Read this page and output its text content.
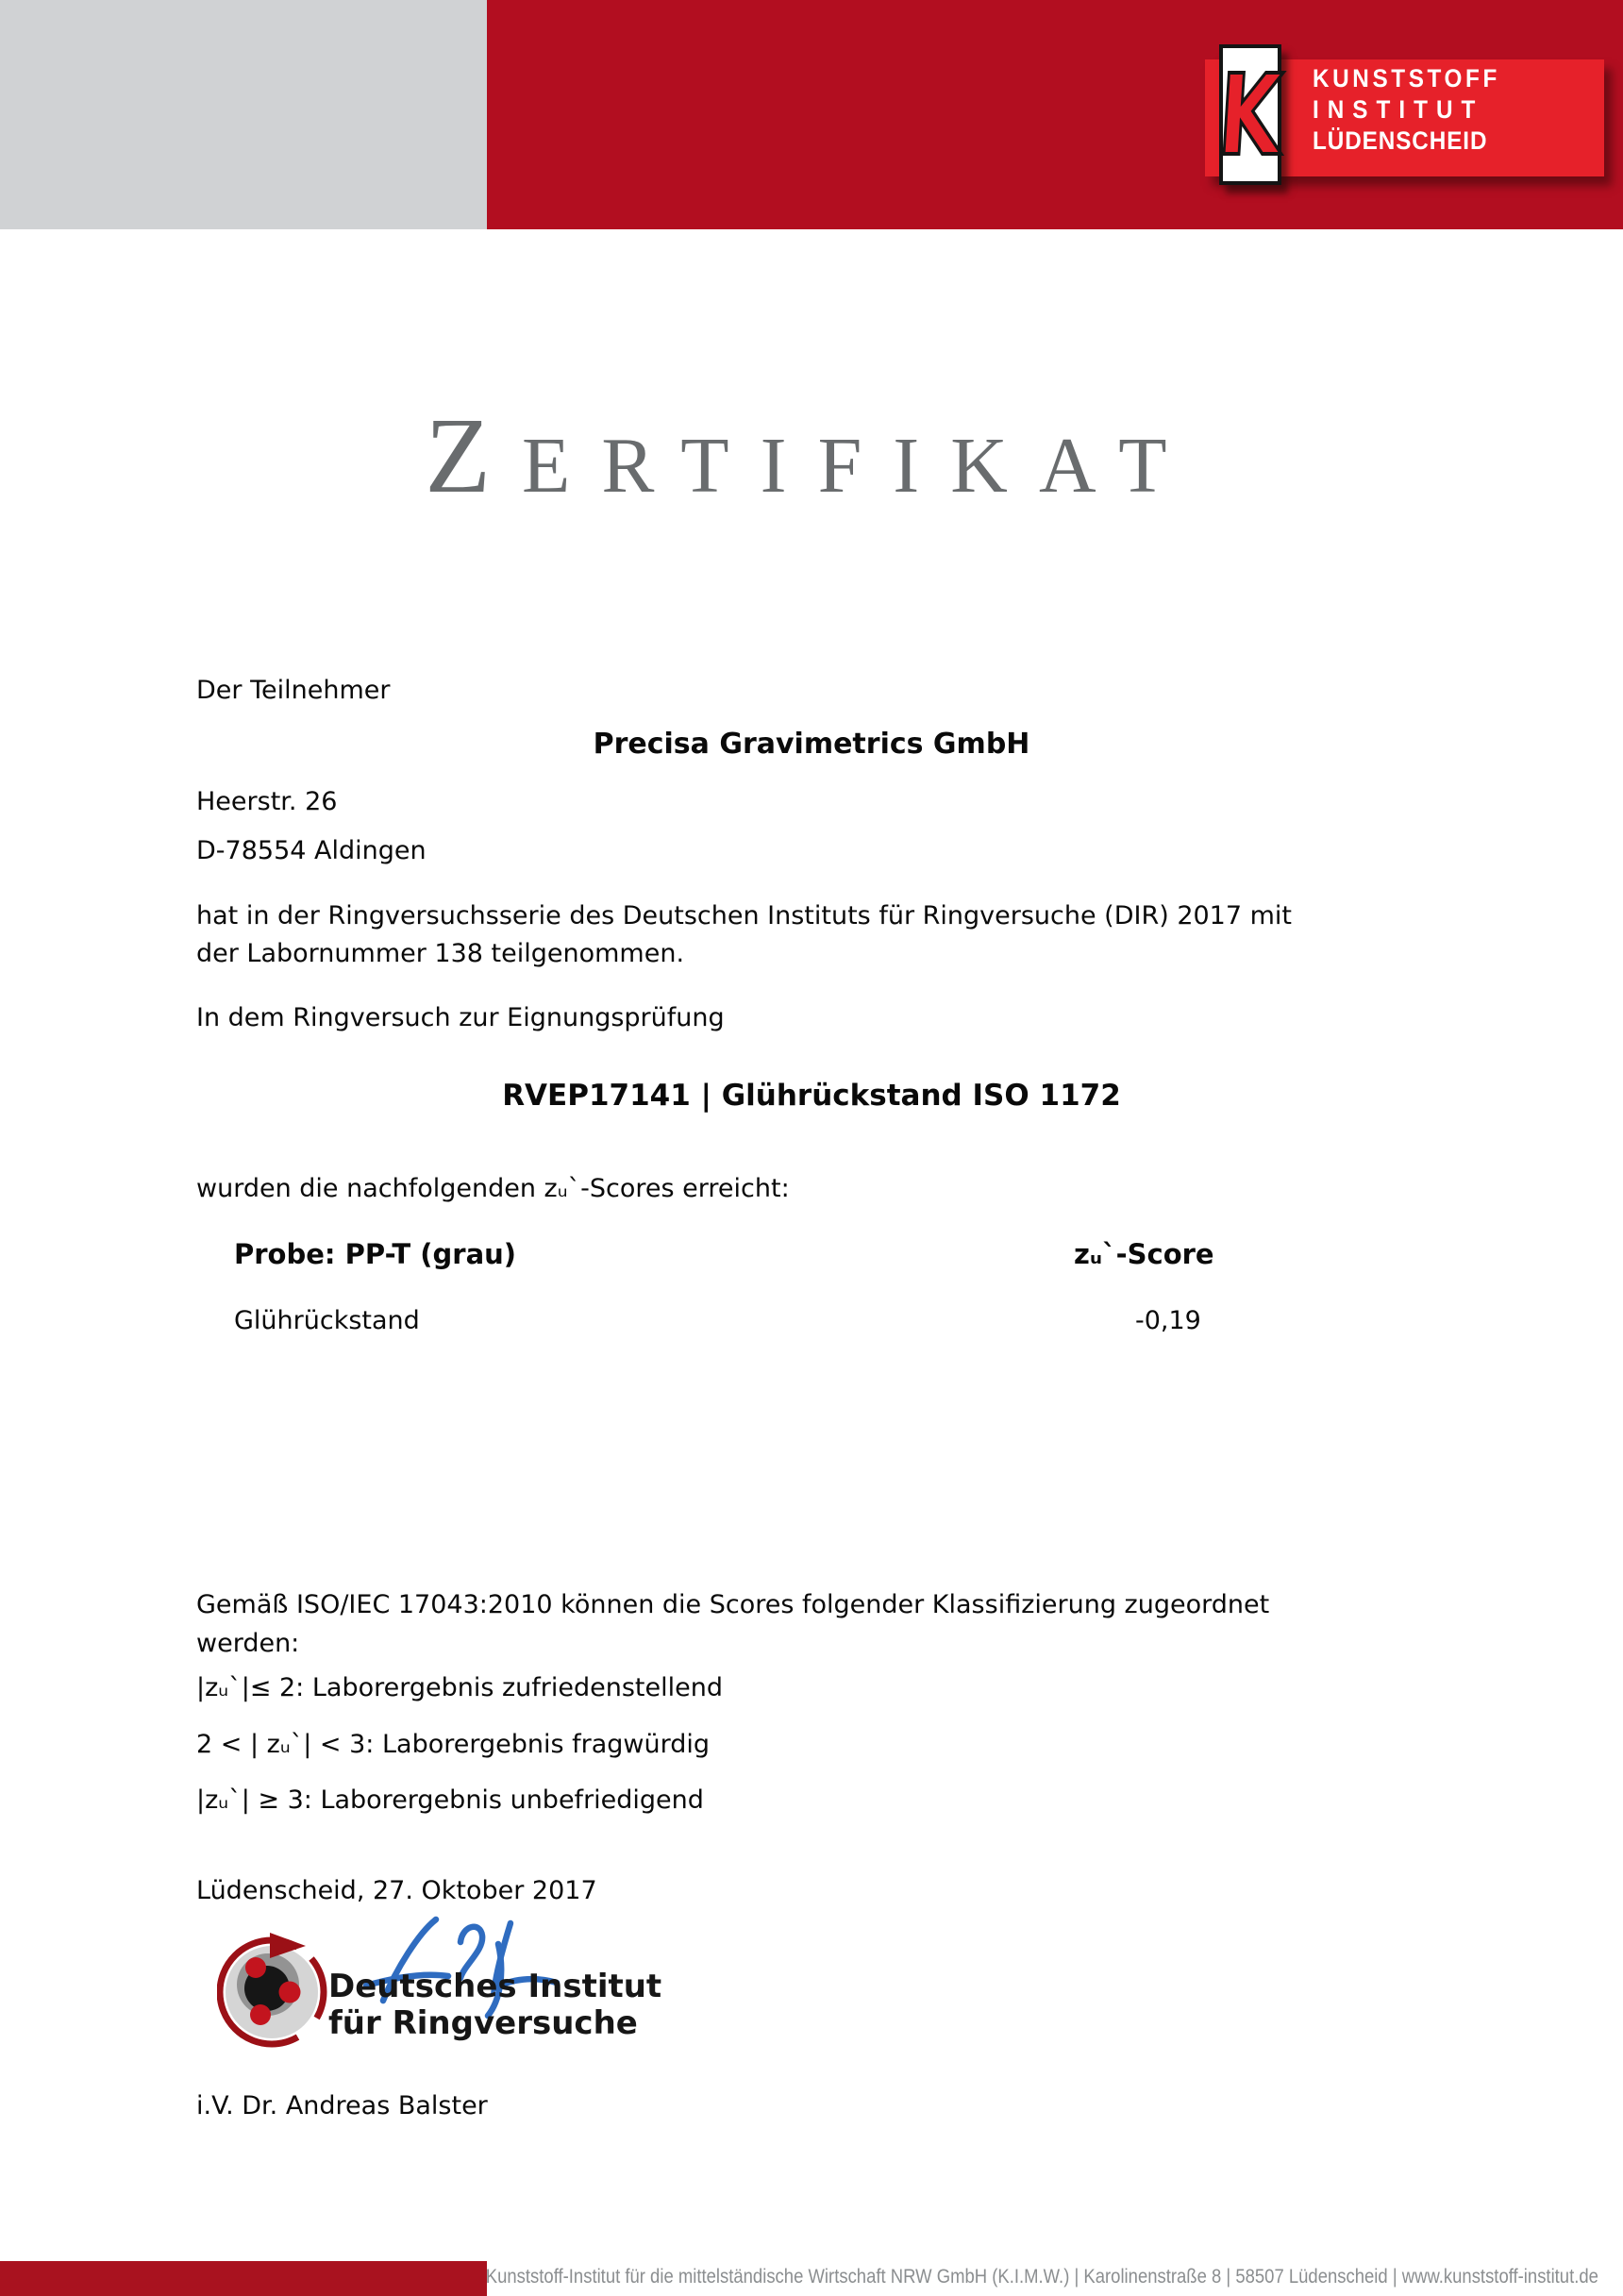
KUNSTSTOFF
INSTITUT
LÜDENSCHEID
K
ZERTIFIKAT
Der Teilnehmer
Precisa Gravimetrics GmbH
Heerstr. 26
D-78554 Aldingen
hat in der Ringversuchsserie des Deutschen Instituts für Ringversuche (DIR) 2017 mit
der Labornummer 138 teilgenommen.
In dem Ringversuch zur Eignungsprüfung
RVEP17141 | Glührückstand ISO 1172
wurden die nachfolgenden zᵤ`-Scores erreicht:
Probe: PP-T (grau)	zᵤ`-Score
Glührückstand	-0,19
Gemäß ISO/IEC 17043:2010 können die Scores folgender Klassifizierung zugeordnet
werden:
|zᵤ`|≤ 2: Laborergebnis zufriedenstellend
2 < | zᵤ`| < 3: Laborergebnis fragwürdig
|zᵤ`| ≥ 3: Laborergebnis unbefriedigend
Lüdenscheid, 27. Oktober 2017
Deutsches Institut
für Ringversuche
i.V. Dr. Andreas Balster
Kunststoff-Institut für die mittelständische Wirtschaft NRW GmbH (K.I.M.W.) | Karolinenstraße 8 | 58507 Lüdenscheid | www.kunststoff-institut.de
